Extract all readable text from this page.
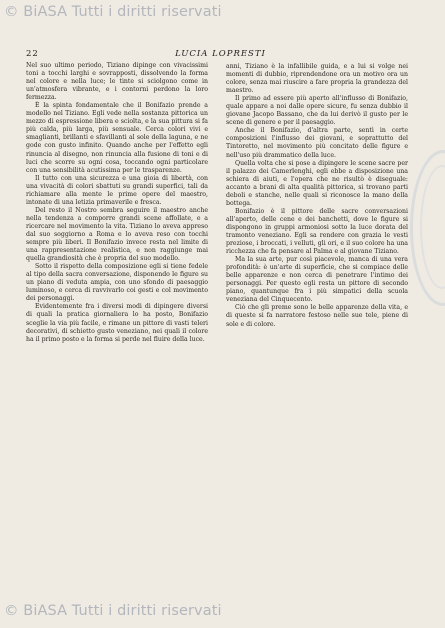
© BiASA Tutti i diritti riservati
22	LUCIA LOPRESTI

Nel suo ultimo periodo, Tiziano dipinge con vivacissimi toni a tocchi larghi e sovrapposti, dissolvendo la forma nel colore e nella luce; le tinte si sciolgono come in un'atmosfera vibrante, e i contorni perdono la loro fermezza.

È la spinta fondamentale che il Bonifazio prende a modello nel Tiziano. Egli vede nella sostanza pittorica un mezzo di espressione libera e sciolta, e la sua pittura si fa più calda, più larga, più sensuale. Cerca colori vivi e smaglianti, brillanti e sfavillanti al sole della laguna, e ne gode con gusto infinito. Quando anche per l'effetto egli rinuncia al disegno, non rinuncia alla fusione di toni e di luci che scorre su ogni cosa, toccando ogni particolare con una sensibilità acutissima per le trasparenze.

Il tutto con una sicurezza e una gioia di libertà, con una vivacità di colori sbattuti su grandi superfici, tali da richiamare alla mente le prime opere del maestro, intonate di una letizia primaverile e fresca.

Del resto il Nostro sembra seguire il maestro anche nella tendenza a comporre grandi scene affollate, e a ricercare nel movimento la vita. Tiziano lo aveva appreso dal suo soggiorno a Roma e lo aveva reso con tocchi sempre più liberi. Il Bonifazio invece resta nel limite di una rappresentazione realistica, e non raggiunge mai quella grandiosità che è propria del suo modello.

Sotto il rispetto della composizione egli si tiene fedele al tipo della sacra conversazione, disponendo le figure su un piano di veduta ampia, con uno sfondo di paesaggio luminoso, e cerca di ravvivarlo coi gesti e col movimento dei personaggi.

Evidentemente fra i diversi modi di dipingere diversi di quali la pratica giornaliera lo ha posto, Bonifazio sceglie la via più facile, e rimane un pittore di vasti teleri decorativi, di schietto gusto veneziano, nei quali il colore ha il primo posto e la forma si perde nel fluire della luce.

anni, Tiziano è la infallibile guida, e a lui si volge nei momenti di dubbio, riprendendone ora un motivo ora un colore, senza mai riuscire a fare propria la grandezza del maestro.

Il primo ad essere più aperto all'influsso di Bonifazio, quale appare a noi dalle opere sicure, fu senza dubbio il giovane Jacopo Bassano, che da lui derivò il gusto per le scene di genere e per il paesaggio.

Anche il Bonifazio, d'altra parte, sentì in certe composizioni l'influsso dei giovani, e soprattutto del Tintoretto, nel movimento più concitato delle figure e nell'uso più drammatico della luce.

Quella volta che si pose a dipingere le scene sacre per il palazzo dei Camerlenghi, egli ebbe a disposizione una schiera di aiuti, e l'opera che ne risultò è diseguale: accanto a brani di alta qualità pittorica, si trovano parti deboli e stanche, nelle quali si riconosce la mano della bottega.

Bonifazio è il pittore delle sacre conversazioni all'aperto, delle cene e dei banchetti, dove le figure si dispongono in gruppi armoniosi sotto la luce dorata del tramonto veneziano. Egli sa rendere con grazia le vesti preziose, i broccati, i velluti, gli ori, e il suo colore ha una ricchezza che fa pensare al Palma e al giovane Tiziano.

Ma la sua arte, pur così piacevole, manca di una vera profondità: è un'arte di superficie, che si compiace delle belle apparenze e non cerca di penetrare l'intimo dei personaggi. Per questo egli resta un pittore di secondo piano, quantunque fra i più simpatici della scuola veneziana del Cinquecento.

Ciò che gli preme sono le belle apparenze della vita, e di queste si fa narratore festoso nelle sue tele, piene di sole e di colore.

© BiASA Tutti i diritti riservati
